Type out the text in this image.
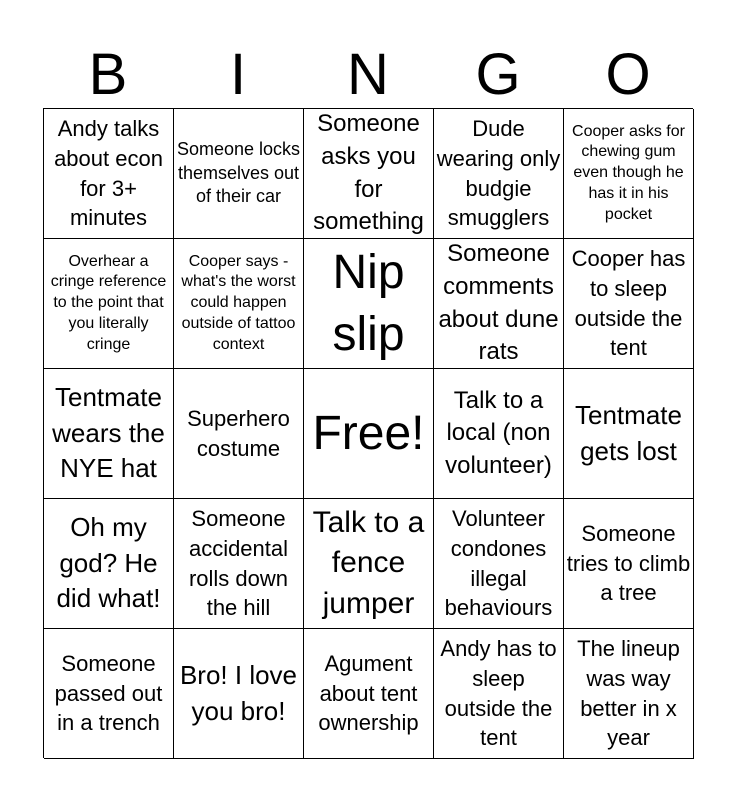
B	I	N	G	O
Andy talks about econ for 3+ minutes
Someone locks themselves out of their car
Someone asks you for something
Dude wearing only budgie smugglers
Cooper asks for chewing gum even though he has it in his pocket
Overhear a cringe reference to the point that you literally cringe
Cooper says - what's the worst could happen outside of tattoo context
Nip slip
Someone comments about dune rats
Cooper has to sleep outside the tent
Tentmate wears the NYE hat
Superhero costume Free!
Talk to a local (non volunteer)
Tentmate gets lost
Oh my god? He did what!
Someone accidental rolls down the hill
Talk to a fence jumper
Volunteer condones illegal behaviours
Someone tries to climb a tree
Someone passed out in a trench
Bro! I love you bro!
Agument about tent ownership
Andy has to sleep outside the tent
The lineup was way better in x year
